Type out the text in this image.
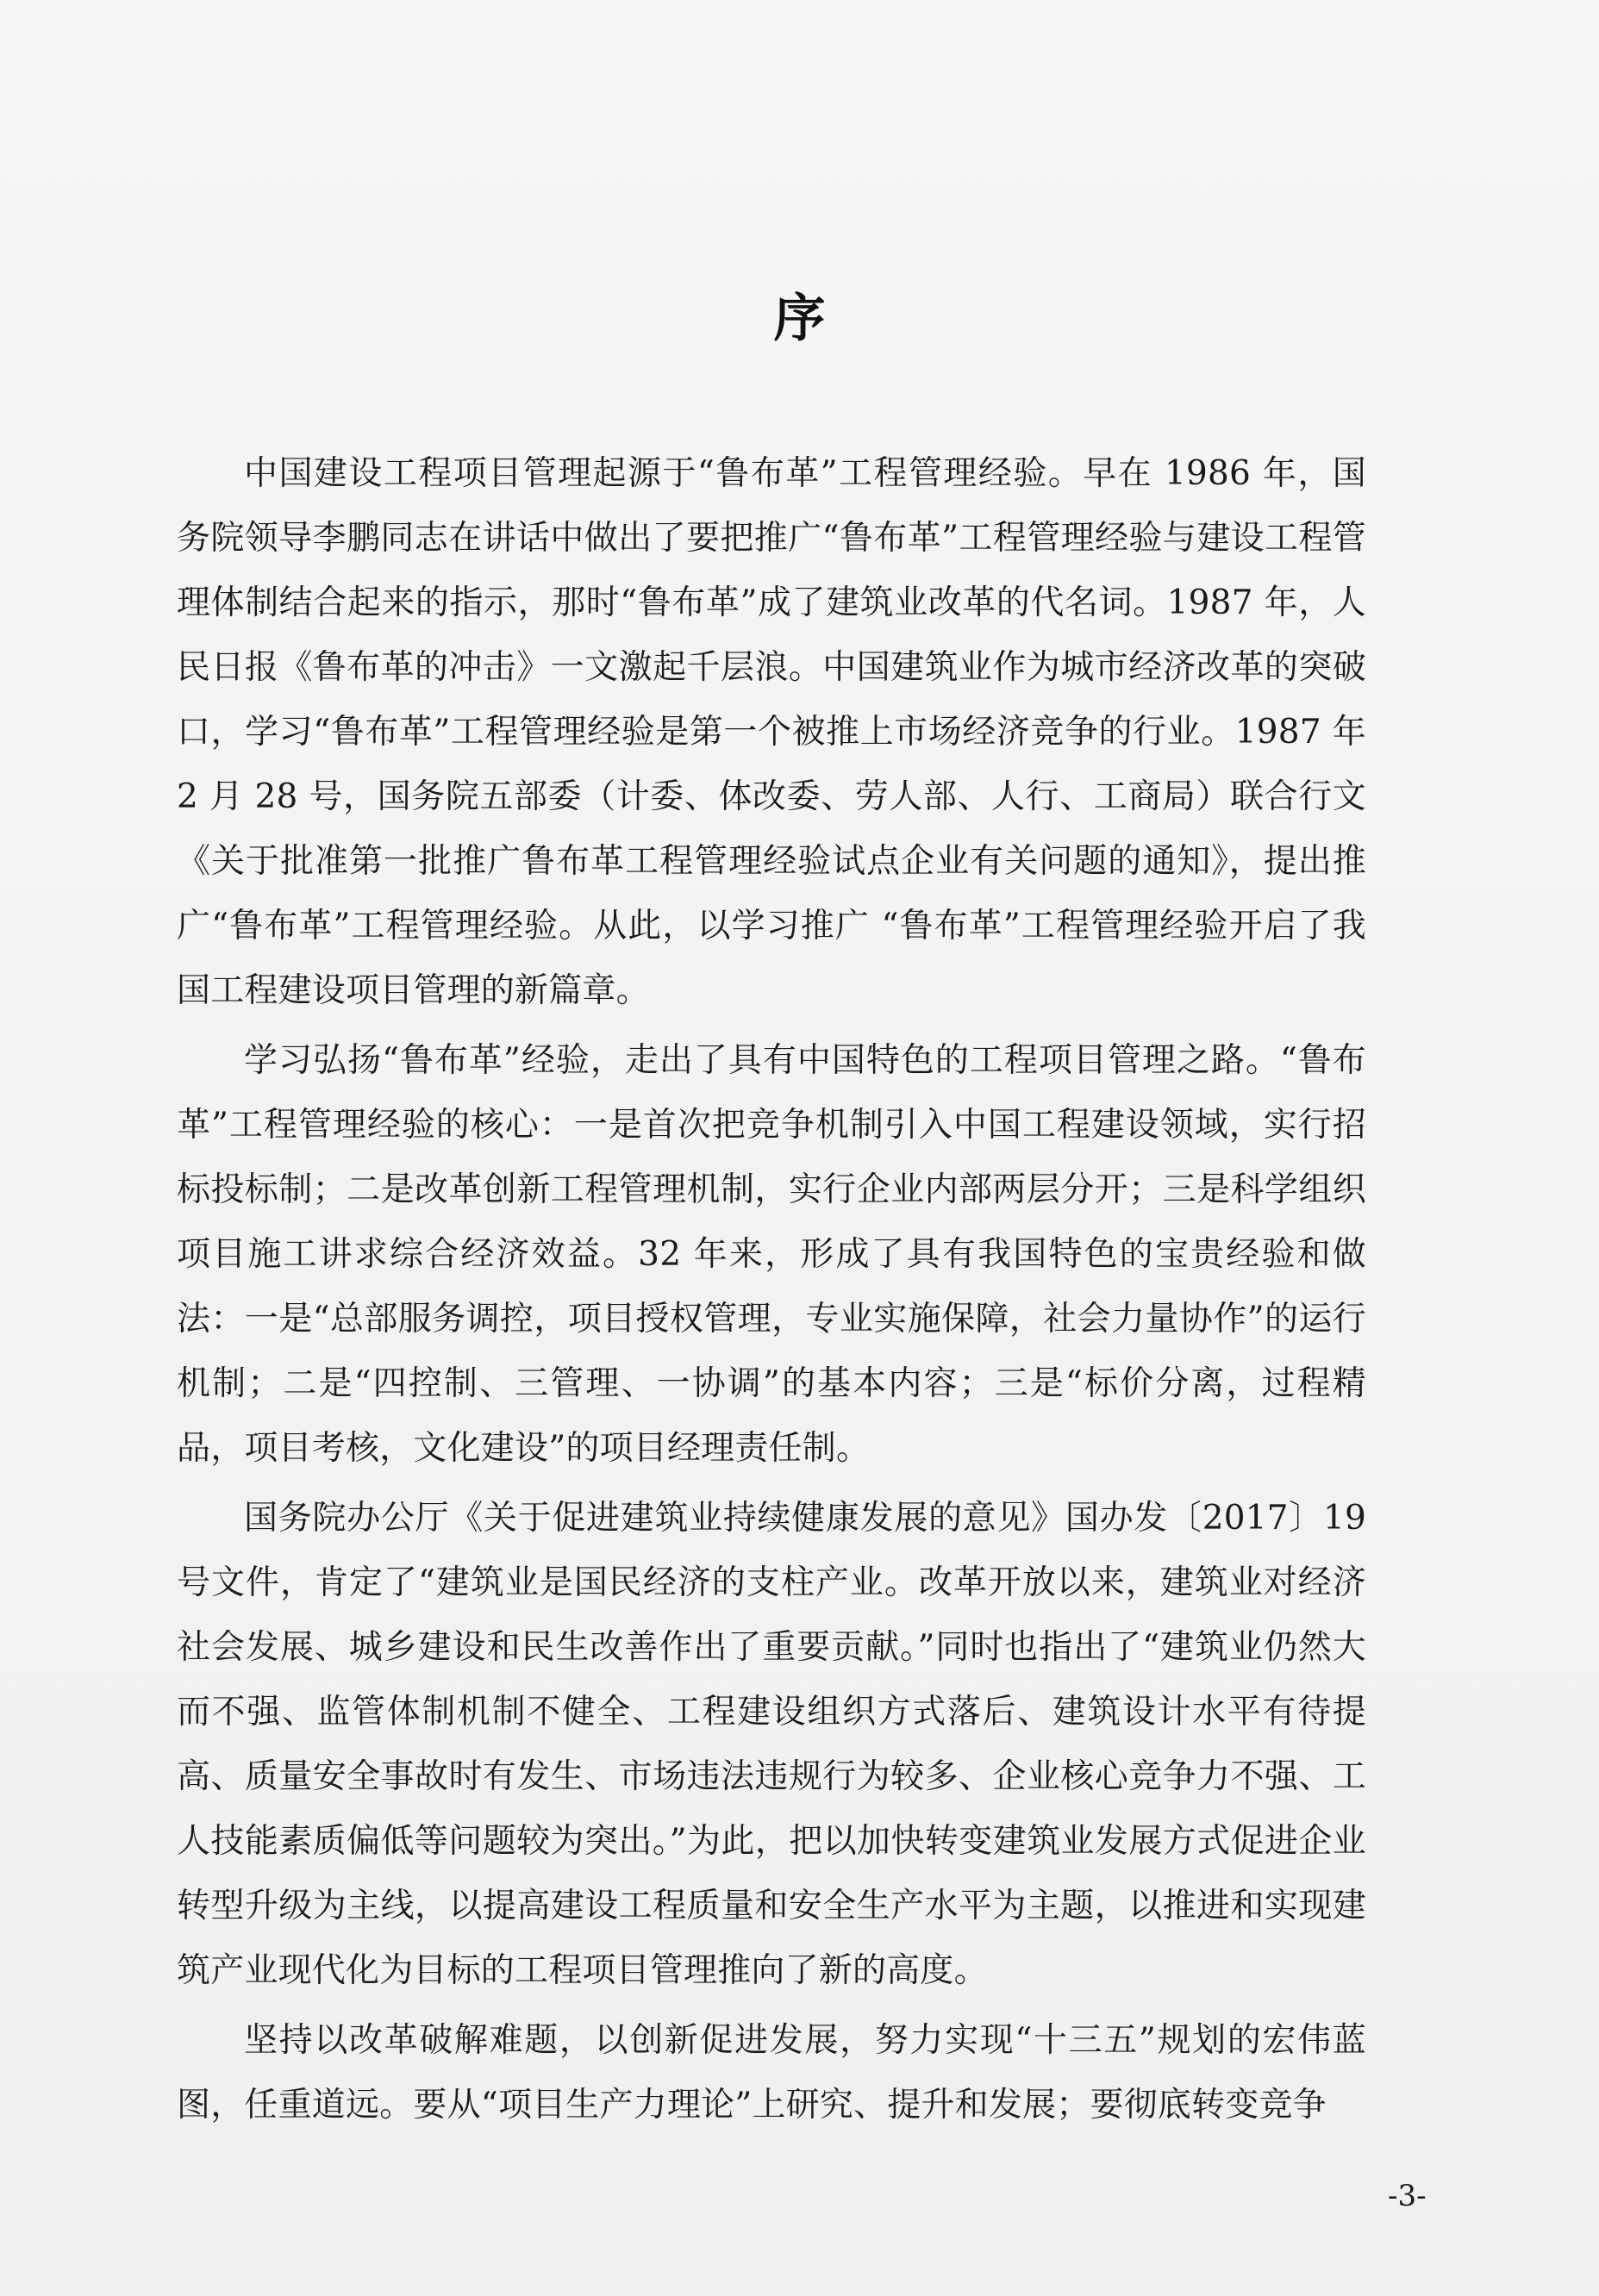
序

中国建设工程项目管理起源于“鲁布革”工程管理经验。早在 1986 年，国务院领导李鹏同志在讲话中做出了要把推广“鲁布革”工程管理经验与建设工程管理体制结合起来的指示，那时“鲁布革”成了建筑业改革的代名词。1987 年，人民日报《鲁布革的冲击》一文激起千层浪。中国建筑业作为城市经济改革的突破口，学习“鲁布革”工程管理经验是第一个被推上市场经济竞争的行业。1987 年 2 月 28 号，国务院五部委（计委、体改委、劳人部、人行、工商局）联合行文《关于批准第一批推广鲁布革工程管理经验试点企业有关问题的通知》，提出推广“鲁布革”工程管理经验。从此，以学习推广 “鲁布革”工程管理经验开启了我国工程建设项目管理的新篇章。

学习弘扬“鲁布革”经验，走出了具有中国特色的工程项目管理之路。“鲁布革”工程管理经验的核心：一是首次把竞争机制引入中国工程建设领域，实行招标投标制；二是改革创新工程管理机制，实行企业内部两层分开；三是科学组织项目施工讲求综合经济效益。32 年来，形成了具有我国特色的宝贵经验和做法：一是“总部服务调控，项目授权管理，专业实施保障，社会力量协作”的运行机制；二是“四控制、三管理、一协调”的基本内容；三是“标价分离，过程精品，项目考核，文化建设”的项目经理责任制。

国务院办公厅《关于促进建筑业持续健康发展的意见》国办发〔2017〕19 号文件，肯定了“建筑业是国民经济的支柱产业。改革开放以来，建筑业对经济社会发展、城乡建设和民生改善作出了重要贡献。”同时也指出了“建筑业仍然大而不强、监管体制机制不健全、工程建设组织方式落后、建筑设计水平有待提高、质量安全事故时有发生、市场违法违规行为较多、企业核心竞争力不强、工人技能素质偏低等问题较为突出。”为此，把以加快转变建筑业发展方式促进企业转型升级为主线，以提高建设工程质量和安全生产水平为主题，以推进和实现建筑产业现代化为目标的工程项目管理推向了新的高度。

坚持以改革破解难题，以创新促进发展，努力实现“十三五”规划的宏伟蓝图，任重道远。要从“项目生产力理论”上研究、提升和发展；要彻底转变竞争

-3-
